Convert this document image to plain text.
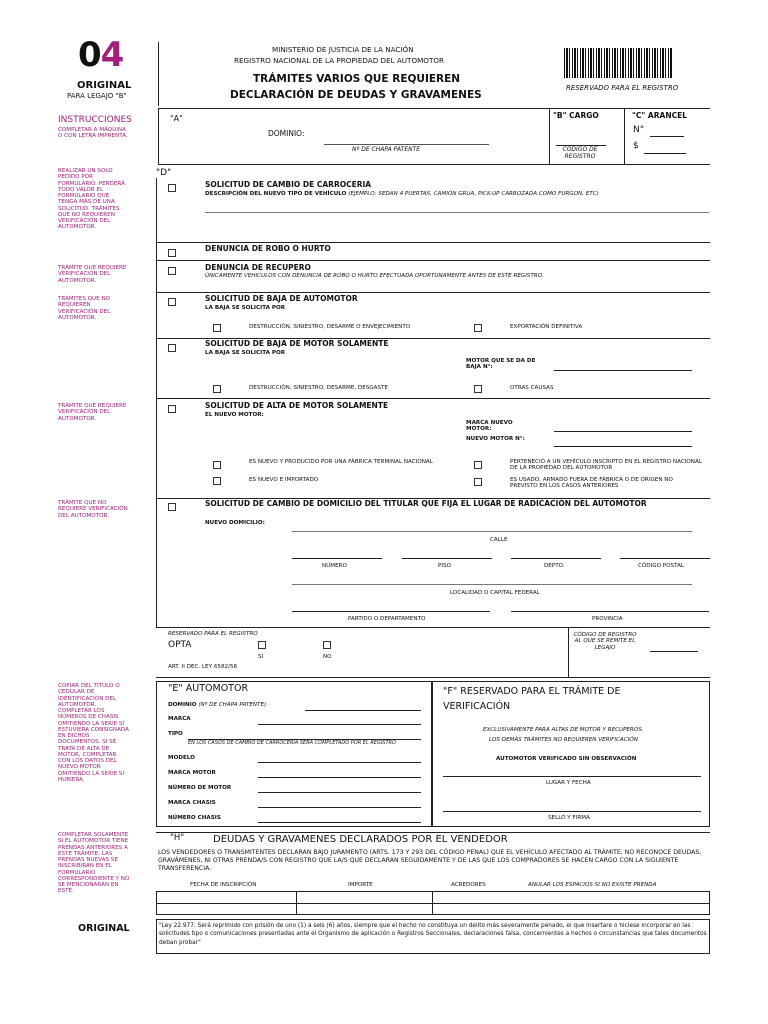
04
ORIGINAL
PARA LEGAJO "B"
MINISTERIO DE JUSTICIA DE LA NACIÓN
REGISTRO NACIONAL DE LA PROPIEDAD DEL AUTOMOTOR
TRÁMITES VARIOS QUE REQUIEREN
DECLARACIÓN DE DEUDAS Y GRAVAMENES
RESERVADO PARA EL REGISTRO
INSTRUCCIONES
COMPLETAR A MÁQUINA O CON LETRA IMPRENTA.
REALIZAR UN SOLO PEDIDO POR FORMULARIO. PERDERÁ TODO VALOR EL FORMULARIO QUE TENGA MÁS DE UNA SOLICITUD. TRÁMITES QUE NO REQUIEREN VERIFICACIÓN DEL AUTOMOTOR.
TRÁMITE QUE REQUIERE VERIFICACIÓN DEL AUTOMOTOR.
TRÁMITES QUE NO REQUIEREN VERIFICACIÓN DEL AUTOMOTOR.
TRÁMITE QUE REQUIERE VERIFICACIÓN DEL AUTOMOTOR.
TRÁMITE QUE NO REQUIERE VERIFICACIÓN DEL AUTOMOTOR.
COPIAR DEL TÍTULO O CEDULAR DE IDENTIFICACIÓN DEL AUTOMOTOR. COMPLETAR LOS NÚMEROS DE CHASIS OMITIENDO LA SERIE SI ESTUVIERA CONSIGNADA EN DICHOS DOCUMENTOS. SI SE TRATA DE ALTA DE MOTOR, COMPLETAR CON LOS DATOS DEL NUEVO MOTOR OMITIENDO LA SERIE SI HUBIERA.
COMPLETAR SOLAMENTE SI EL AUTOMOTOR TIENE PRENDAS ANTERIORES A ESTE TRÁMITE. LAS PRENDAS NUEVAS SE INSCRIBIRÁN EN EL FORMULARIO CORRESPONDIENTE Y NO SE MENCIONARÁN EN ESTE.
ORIGINAL
"A"
DOMINIO:
Nº DE CHAPA PATENTE
"B" CARGO
CÓDIGO DE REGISTRO
"C" ARANCEL
N°
$
"D"
SOLICITUD DE CAMBIO DE CARROCERIA
DESCRIPCIÓN DEL NUEVO TIPO DE VEHÍCULO (EJEMPLO: SEDAN 4 PUERTAS, CAMIÓN GRUA, PICK-UP CARROZADA COMO FURGON, ETC)
DENUNCIA DE ROBO O HURTO
DENUNCIA DE RECUPERO
ÚNICAMENTE VEHICULOS CON DENUNCIA DE ROBO O HURTO EFECTUADA OPORTUNAMENTE ANTES DE ESTE REGISTRO.
SOLICITUD DE BAJA DE AUTOMOTOR
LA BAJA SE SOLICITA POR
DESTRUCCIÓN, SINIESTRO, DESARME O ENVEJECIMIENTO	EXPORTACIÓN DEFINITIVA
SOLICITUD DE BAJA DE MOTOR SOLAMENTE
LA BAJA SE SOLICITA POR
MOTOR QUE SE DA DE BAJA N°:
DESTRUCCIÓN, SINIESTRO, DESARME, DESGASTE	OTRAS CAUSAS
SOLICITUD DE ALTA DE MOTOR SOLAMENTE
EL NUEVO MOTOR:
MARCA NUEVO MOTOR:
NUEVO MOTOR N°:
ES NUEVO Y PRODUCIDO POR UNA FÁBRICA TERMINAL NACIONAL
ES NUEVO E IMPORTADO
PERTENECIÓ A UN VEHÍCULO INSCRIPTO EN EL REGISTRO NACIONAL DE LA PROPIEDAD DEL AUTOMOTOR
ES USADO, ARMADO FUERA DE FÁBRICA O DE ORIGEN NO PREVISTO EN LOS CASOS ANTERIORES
SOLICITUD DE CAMBIO DE DOMICILIO DEL TITULAR QUE FIJA EL LUGAR DE RADICACIÓN DEL AUTOMOTOR
NUEVO DOMICILIO:
CALLE
NÚMERO	PISO	DEPTO.	CÓDIGO POSTAL
LOCALIDAD O CAPITAL FEDERAL
PARTIDO O DEPARTAMENTO	PROVINCIA
RESERVADO PARA EL REGISTRO
OPTA
SI	NO
ART. II DEC. LEY 6582/58
CÓDIGO DE REGISTRO AL QUE SE REMITE EL LEGAJO
"E" AUTOMOTOR
DOMINIO (Nº DE CHAPA PATENTE)
MARCA
TIPO
EN LOS CASOS DE CAMBIO DE CARROCERIA SERA COMPLETADO POR EL REGISTRO
MODELO
MARCA MOTOR
NÚMERO DE MOTOR
MARCA CHASIS
NÚMERO CHASIS
"F" RESERVADO PARA EL TRÁMITE DE VERIFICACIÓN
EXCLUSIVAMENTE PARA ALTAS DE MOTOR Y RECUPEROS.
LOS DEMÁS TRÁMITES NO REQUIEREN VERIFICACIÓN
AUTOMOTOR VERIFICADO SIN OBSERVACIÓN
LUGAR Y FECHA
SELLO Y FIRMA
"H"	DEUDAS Y GRAVAMENES DECLARADOS POR EL VENDEDOR
LOS VENDEDORES O TRANSMITENTES DECLARAN BAJO JURAMENTO (ARTS. 173 Y 293 DEL CÓDIGO PENAL) QUE EL VEHÍCULO AFECTADO AL TRÁMITE, NO RECONOCE DEUDAS, GRAVÁMENES, NI OTRAS PRENDA/S CON REGISTRO QUE LA/S QUE DECLARAN SEGUIDAMENTE Y DE LAS QUE LOS COMPRADORES SE HACEN CARGO CON LA SIGUIENTE TRANSFERENCIA.
FECHA DE INSCRIPCIÓN	IMPORTE	ACREDORES	ANULAR LOS ESPACIOS SI NO EXISTE PRENDA
"Ley 22.977. Será reprimido con prisión de uno (1) a seis (6) años, siempre que el hecho no constituya un delito más severamente penado, el que insertare o hiciese incorporar en las solicitudes tipo o comunicaciones presentadas ante el Organismo de aplicación o Registros Seccionales, declaraciones falsa, concernientes a hechos o circunstancias que tales documentos deban probar"
